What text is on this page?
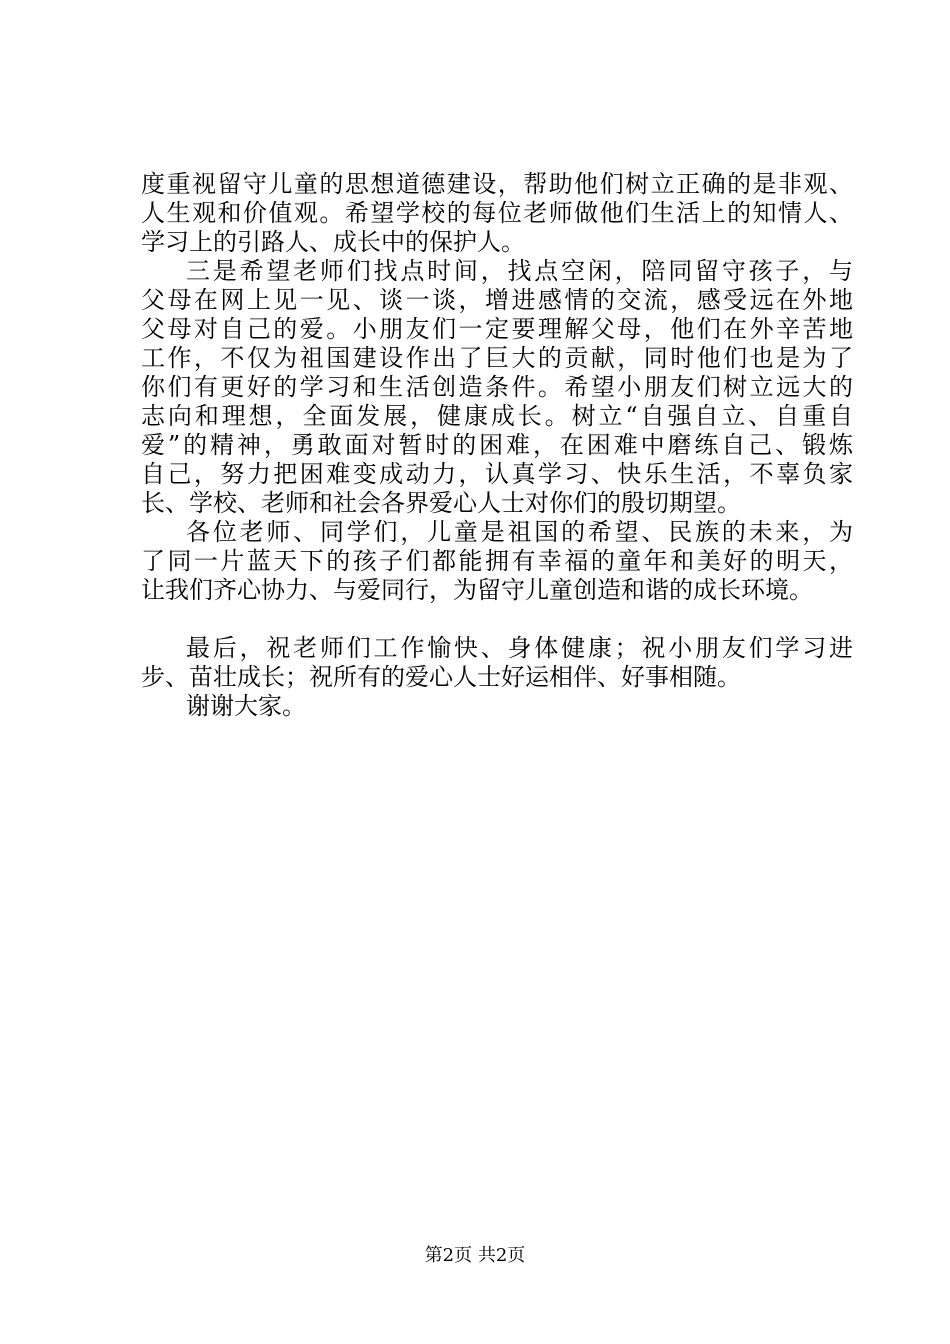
度重视留守儿童的思想道德建设，帮助他们树立正确的是非观、
人生观和价值观。希望学校的每位老师做他们生活上的知情人、
学习上的引路人、成长中的保护人。
三是希望老师们找点时间，找点空闲，陪同留守孩子，与
父母在网上见一见、谈一谈，增进感情的交流，感受远在外地
父母对自己的爱。小朋友们一定要理解父母，他们在外辛苦地
工作，不仅为祖国建设作出了巨大的贡献，同时他们也是为了
你们有更好的学习和生活创造条件。希望小朋友们树立远大的
志向和理想，全面发展，健康成长。树立“自强自立、自重自
爱”的精神，勇敢面对暂时的困难，在困难中磨练自己、锻炼
自己，努力把困难变成动力，认真学习、快乐生活，不辜负家
长、学校、老师和社会各界爱心人士对你们的殷切期望。
各位老师、同学们，儿童是祖国的希望、民族的未来，为
了同一片蓝天下的孩子们都能拥有幸福的童年和美好的明天，
让我们齐心协力、与爱同行，为留守儿童创造和谐的成长环境。
最后，祝老师们工作愉快、身体健康；祝小朋友们学习进
步、苗壮成长；祝所有的爱心人士好运相伴、好事相随。
谢谢大家。
第2页 共2页
